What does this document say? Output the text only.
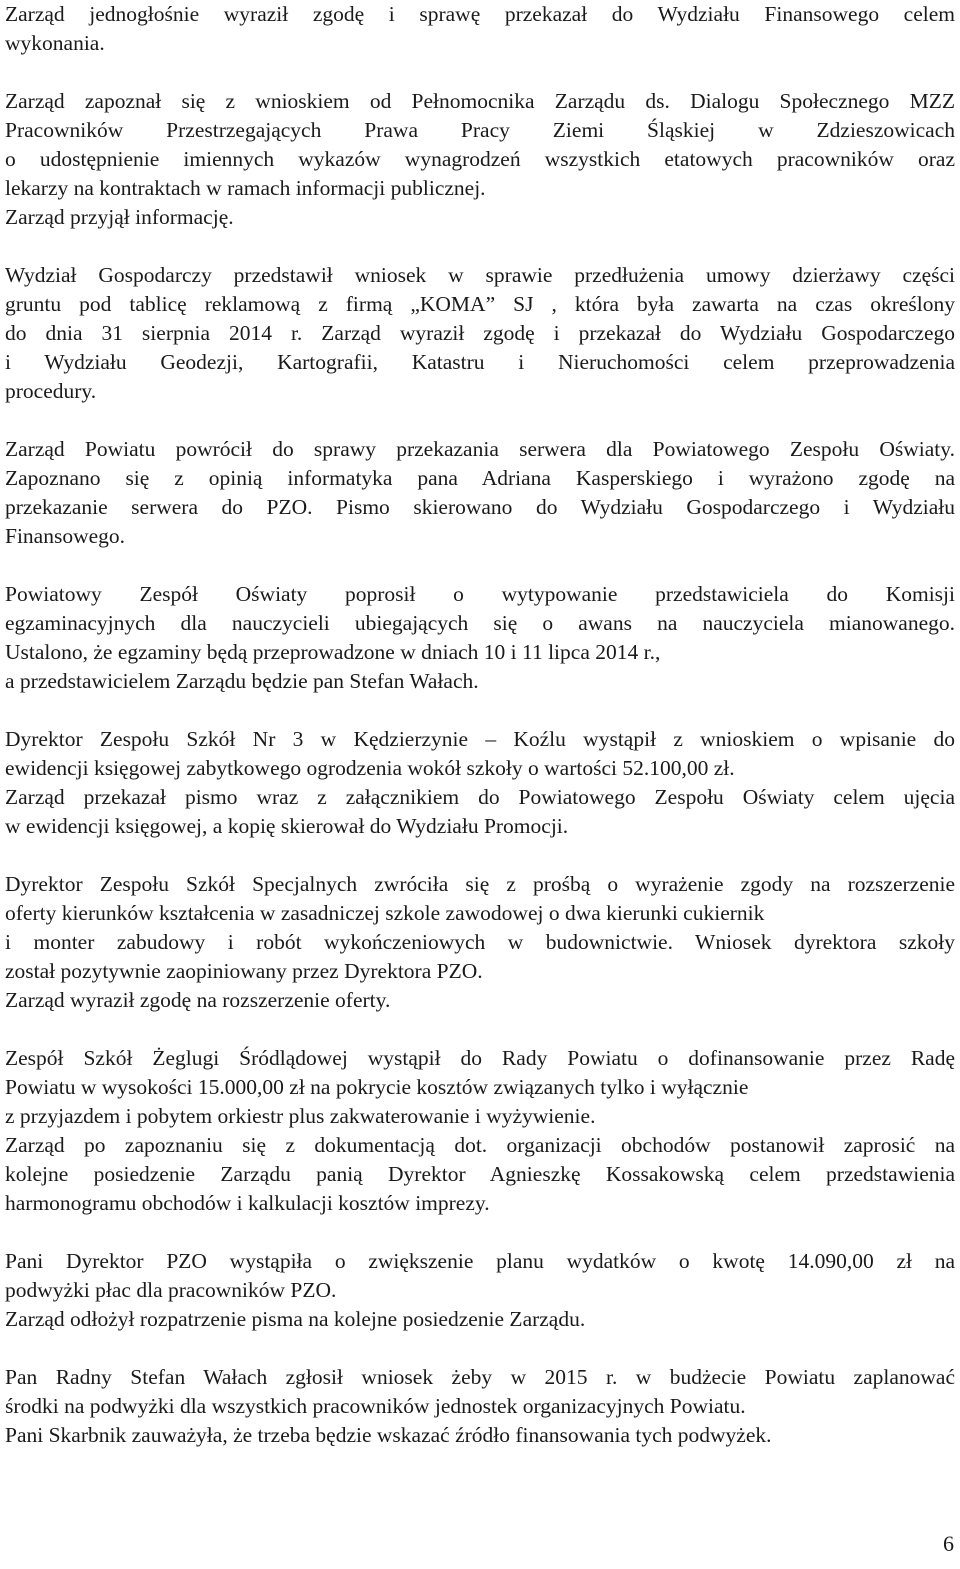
Zarząd jednogłośnie wyraził zgodę i sprawę przekazał do Wydziału Finansowego celem
wykonania.
Zarząd zapoznał się z wnioskiem od Pełnomocnika Zarządu ds. Dialogu Społecznego MZZ
Pracowników Przestrzegających Prawa Pracy Ziemi Śląskiej w Zdzieszowicach
o udostępnienie imiennych wykazów wynagrodzeń wszystkich etatowych pracowników oraz
lekarzy na kontraktach w ramach informacji publicznej.
Zarząd przyjął informację.
Wydział Gospodarczy przedstawił wniosek w sprawie przedłużenia umowy dzierżawy części
gruntu pod tablicę reklamową z firmą „KOMA” SJ , która była zawarta na czas określony
do dnia 31 sierpnia 2014 r. Zarząd wyraził zgodę i przekazał do Wydziału Gospodarczego
i Wydziału Geodezji, Kartografii, Katastru i Nieruchomości celem przeprowadzenia
procedury.
Zarząd Powiatu powrócił do sprawy przekazania serwera dla Powiatowego Zespołu Oświaty.
Zapoznano się z opinią informatyka pana Adriana Kasperskiego i wyrażono zgodę na
przekazanie serwera do PZO. Pismo skierowano do Wydziału Gospodarczego i Wydziału
Finansowego.
Powiatowy Zespół Oświaty poprosił o wytypowanie przedstawiciela do Komisji
egzaminacyjnych dla nauczycieli ubiegających się o awans na nauczyciela mianowanego.
Ustalono, że egzaminy będą przeprowadzone w dniach 10 i 11 lipca 2014 r.,
a przedstawicielem Zarządu będzie pan Stefan Wałach.
Dyrektor Zespołu Szkół Nr 3 w Kędzierzynie – Koźlu wystąpił z wnioskiem o wpisanie do
ewidencji księgowej zabytkowego ogrodzenia wokół szkoły o wartości 52.100,00 zł.
Zarząd przekazał pismo wraz z załącznikiem do Powiatowego Zespołu Oświaty celem ujęcia
w ewidencji księgowej, a kopię skierował do Wydziału Promocji.
Dyrektor Zespołu Szkół Specjalnych zwróciła się z prośbą o wyrażenie zgody na rozszerzenie
oferty kierunków kształcenia w zasadniczej szkole zawodowej o dwa kierunki cukiernik
i monter zabudowy i robót wykończeniowych w budownictwie. Wniosek dyrektora szkoły
został pozytywnie zaopiniowany przez Dyrektora PZO.
Zarząd wyraził zgodę na rozszerzenie oferty.
Zespół Szkół Żeglugi Śródlądowej wystąpił do Rady Powiatu o dofinansowanie przez Radę
Powiatu w wysokości 15.000,00 zł na pokrycie kosztów związanych tylko i wyłącznie
z przyjazdem i pobytem orkiestr plus zakwaterowanie i wyżywienie.
Zarząd po zapoznaniu się z dokumentacją dot. organizacji obchodów postanowił zaprosić na
kolejne posiedzenie Zarządu panią Dyrektor Agnieszkę Kossakowską celem przedstawienia
harmonogramu obchodów i kalkulacji kosztów imprezy.
Pani Dyrektor PZO wystąpiła o zwiększenie planu wydatków o kwotę 14.090,00 zł na
podwyżki płac dla pracowników PZO.
Zarząd odłożył rozpatrzenie pisma na kolejne posiedzenie Zarządu.
Pan Radny Stefan Wałach zgłosił wniosek żeby w 2015 r. w budżecie Powiatu zaplanować
środki na podwyżki dla wszystkich pracowników jednostek organizacyjnych Powiatu.
Pani Skarbnik zauważyła, że trzeba będzie wskazać źródło finansowania tych podwyżek.
6
